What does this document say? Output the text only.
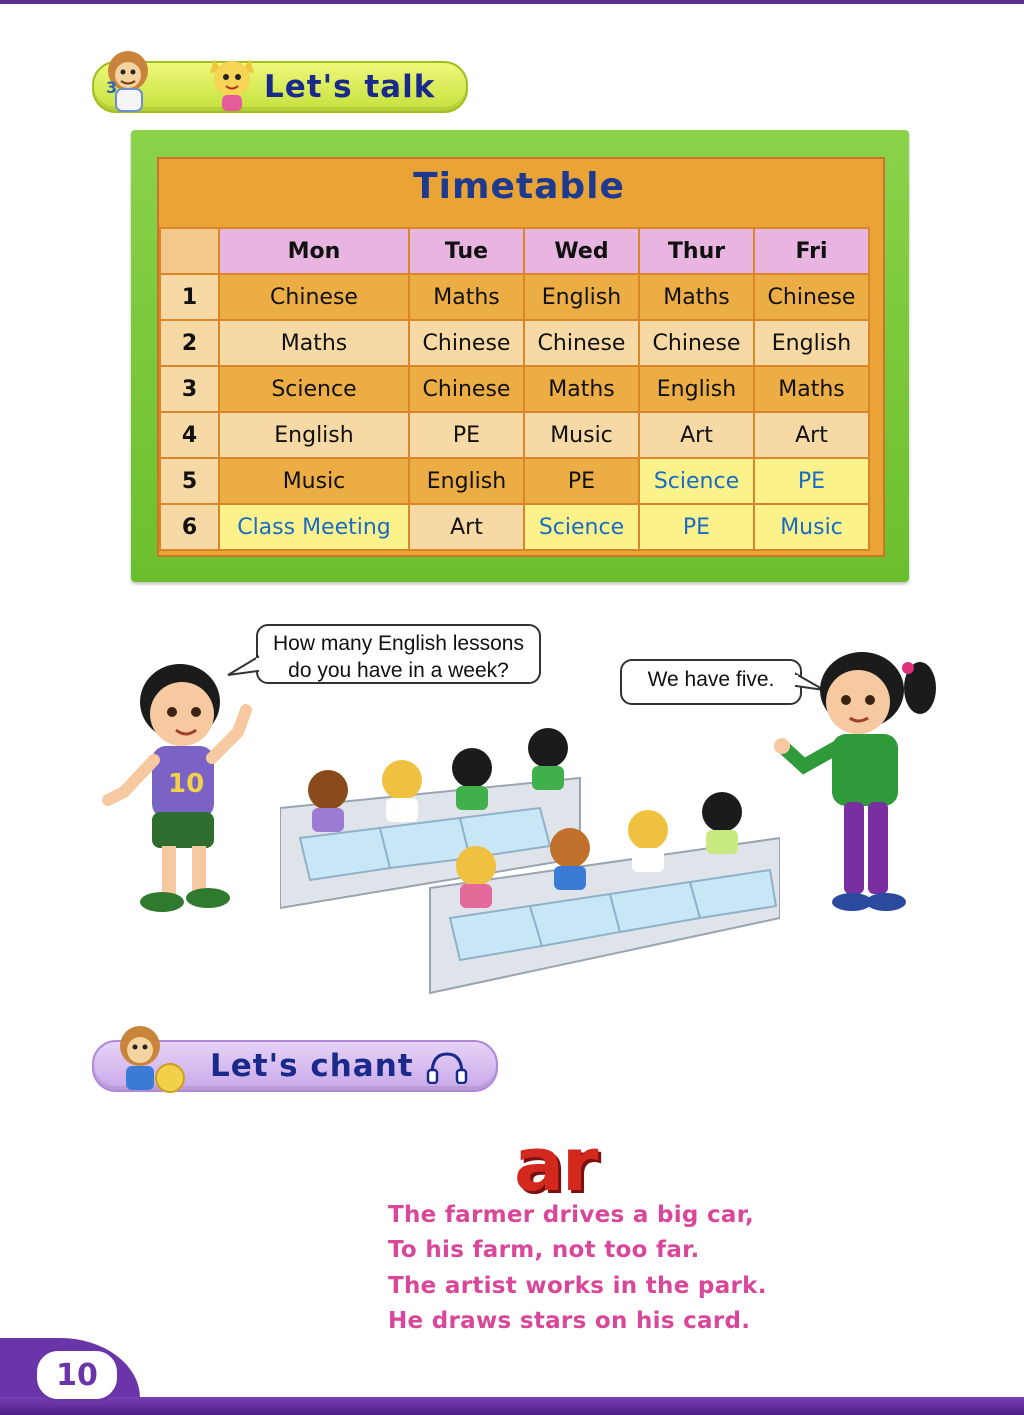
3	Let's talk
Timetable
	Mon	Tue	Wed	Thur	Fri
1	Chinese	Maths	English	Maths	Chinese
2	Maths	Chinese	Chinese	Chinese	English
3	Science	Chinese	Maths	English	Maths
4	English	PE	Music	Art	Art
5	Music	English	PE	Science	PE
6	Class Meeting	Art	Science	PE	Music
How many English lessons
do you have in a week?	We have five.
10
Let's chant
ar
The farmer drives a big car,
To his farm, not too far.
The artist works in the park.
He draws stars on his card.
10
